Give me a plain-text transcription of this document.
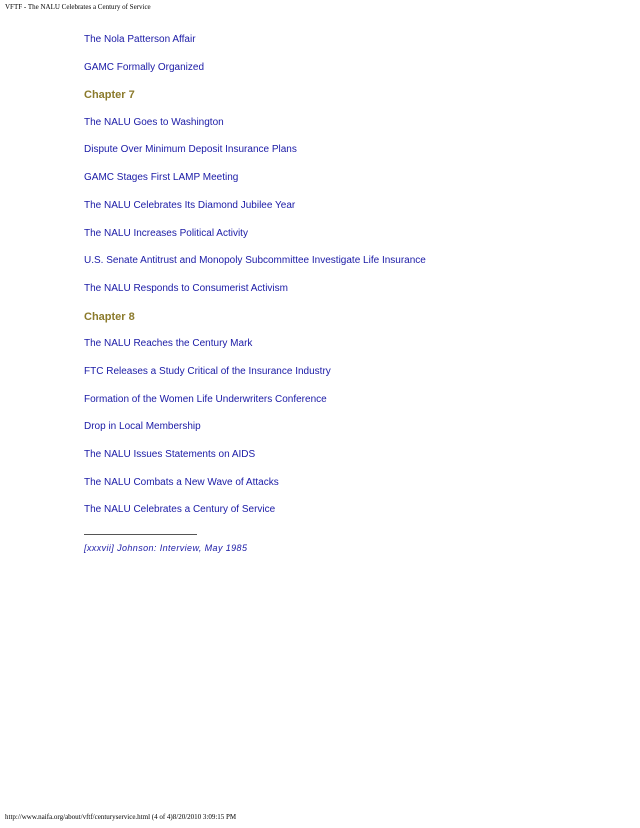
VFTF - The NALU Celebrates a Century of Service
The Nola Patterson Affair
GAMC Formally Organized
Chapter 7
The NALU Goes to Washington
Dispute Over Minimum Deposit Insurance Plans
GAMC Stages First LAMP Meeting
The NALU Celebrates Its Diamond Jubilee Year
The NALU Increases Political Activity
U.S. Senate Antitrust and Monopoly Subcommittee Investigate Life Insurance
The NALU Responds to Consumerist Activism
Chapter 8
The NALU Reaches the Century Mark
FTC Releases a Study Critical of the Insurance Industry
Formation of the Women Life Underwriters Conference
Drop in Local Membership
The NALU Issues Statements on AIDS
The NALU Combats a New Wave of Attacks
The NALU Celebrates a Century of Service
[xxxvii] Johnson: Interview, May 1985
http://www.naifa.org/about/vftf/centuryservice.html (4 of 4)8/20/2010 3:09:15 PM
